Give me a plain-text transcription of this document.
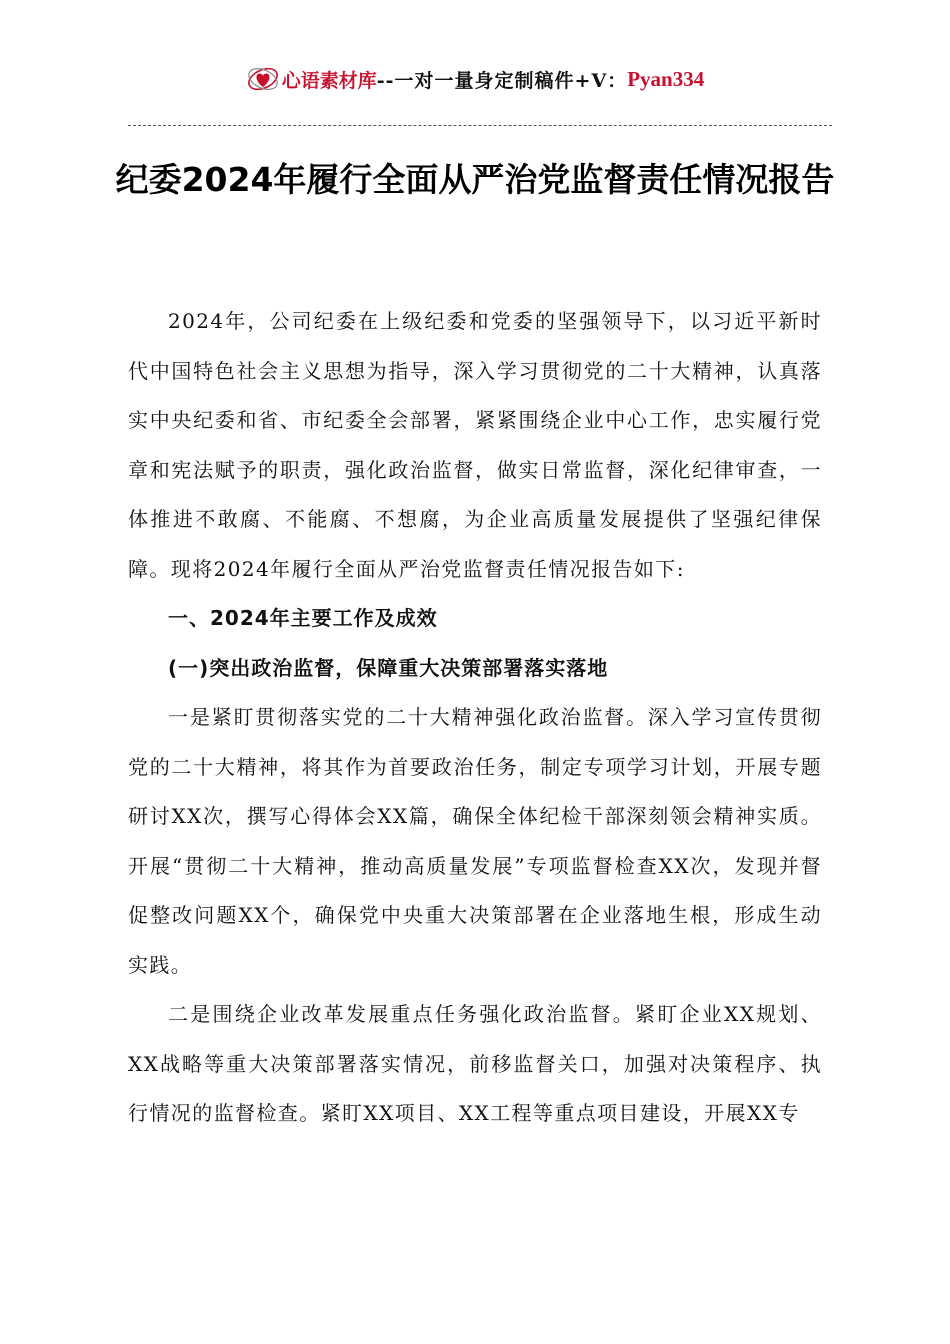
心语素材库 --一对一量身定制稿件+V： Pyan334
纪委2024年履行全面从严治党监督责任情况报告

2024年，公司纪委在上级纪委和党委的坚强领导下，以习近平新时代中国特色社会主义思想为指导，深入学习贯彻党的二十大精神，认真落实中央纪委和省、市纪委全会部署，紧紧围绕企业中心工作，忠实履行党章和宪法赋予的职责，强化政治监督，做实日常监督，深化纪律审查，一体推进不敢腐、不能腐、不想腐，为企业高质量发展提供了坚强纪律保障。现将2024年履行全面从严治党监督责任情况报告如下:

一、2024年主要工作及成效

(一)突出政治监督，保障重大决策部署落实落地

一是紧盯贯彻落实党的二十大精神强化政治监督。深入学习宣传贯彻党的二十大精神，将其作为首要政治任务，制定专项学习计划，开展专题研讨XX次，撰写心得体会XX篇，确保全体纪检干部深刻领会精神实质。开展“贯彻二十大精神，推动高质量发展”专项监督检查XX次，发现并督促整改问题XX个，确保党中央重大决策部署在企业落地生根，形成生动实践。

二是围绕企业改革发展重点任务强化政治监督。紧盯企业XX规划、XX战略等重大决策部署落实情况，前移监督关口，加强对决策程序、执行情况的监督检查。紧盯XX项目、XX工程等重点项目建设，开展XX专
